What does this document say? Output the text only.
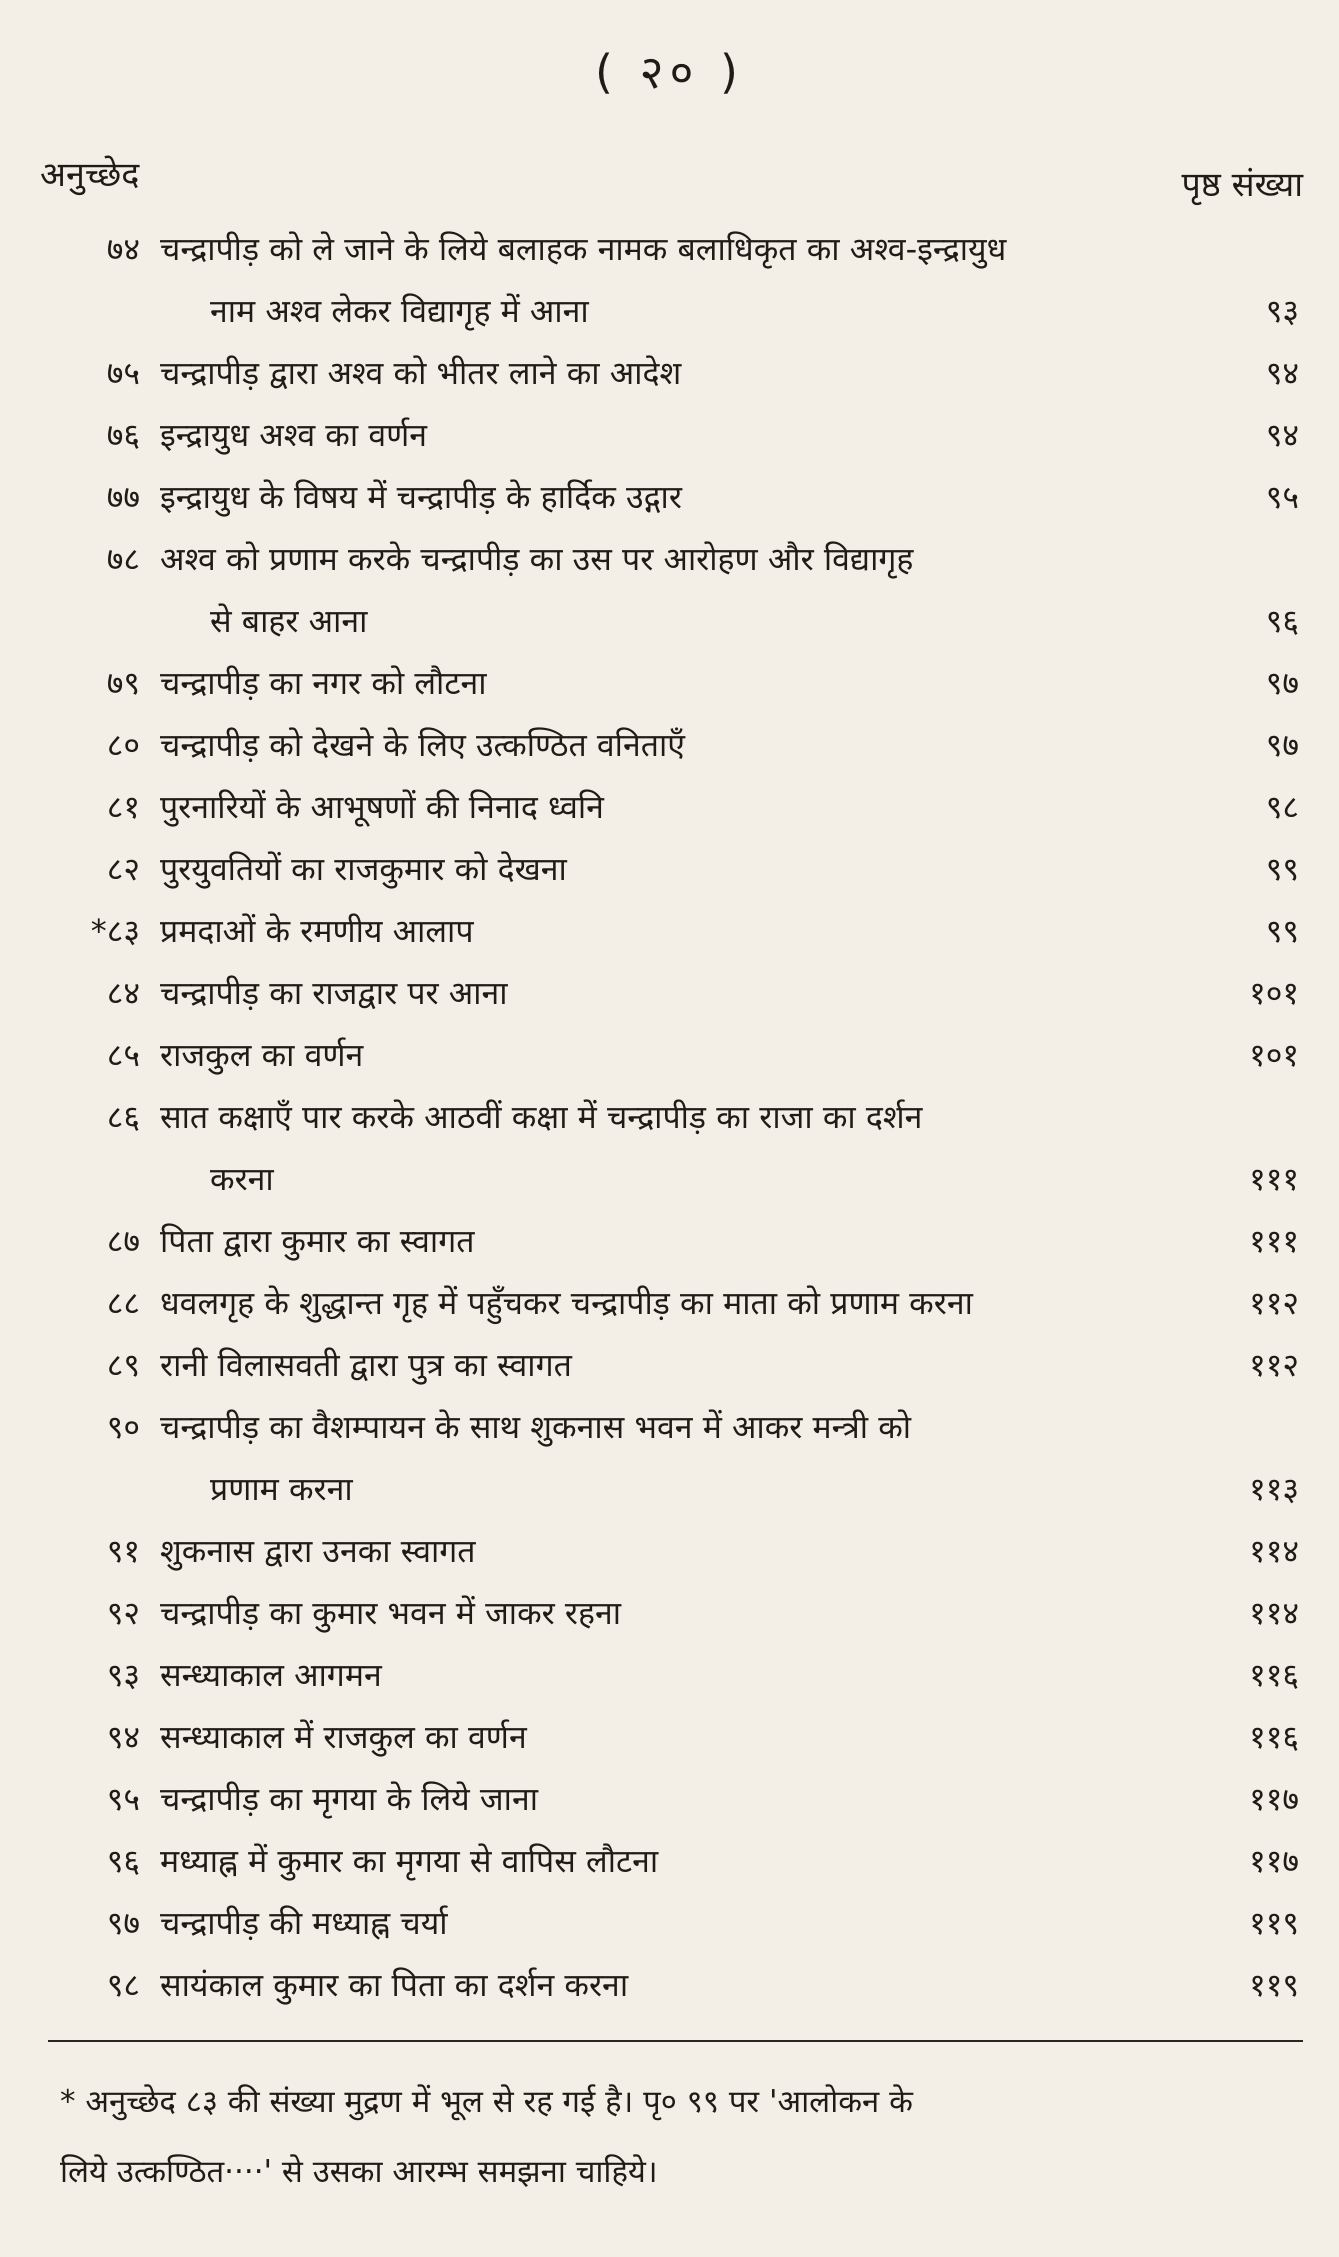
( २० )
अनुच्छेद	पृष्ठ संख्या
७४ चन्द्रापीड़ को ले जाने के लिये बलाहक नामक बलाधिकृत का अश्व-इन्द्रायुध
नाम अश्व लेकर विद्यागृह में आना	९३
७५ चन्द्रापीड़ द्वारा अश्व को भीतर लाने का आदेश	९४
७६ इन्द्रायुध अश्व का वर्णन	९४
७७ इन्द्रायुध के विषय में चन्द्रापीड़ के हार्दिक उद्गार	९५
७८ अश्व को प्रणाम करके चन्द्रापीड़ का उस पर आरोहण और विद्यागृह
से बाहर आना	९६
७९ चन्द्रापीड़ का नगर को लौटना	९७
८० चन्द्रापीड़ को देखने के लिए उत्कण्ठित वनिताएँ	९७
८१ पुरनारियों के आभूषणों की निनाद ध्वनि	९८
८२ पुरयुवतियों का राजकुमार को देखना	९९
*८३ प्रमदाओं के रमणीय आलाप	९९
८४ चन्द्रापीड़ का राजद्वार पर आना	१०१
८५ राजकुल का वर्णन	१०१
८६ सात कक्षाएँ पार करके आठवीं कक्षा में चन्द्रापीड़ का राजा का दर्शन
करना	१११
८७ पिता द्वारा कुमार का स्वागत	१११
८८ धवलगृह के शुद्धान्त गृह में पहुँचकर चन्द्रापीड़ का माता को प्रणाम करना	११२
८९ रानी विलासवती द्वारा पुत्र का स्वागत	११२
९० चन्द्रापीड़ का वैशम्पायन के साथ शुकनास भवन में आकर मन्त्री को
प्रणाम करना	११३
९१ शुकनास द्वारा उनका स्वागत	११४
९२ चन्द्रापीड़ का कुमार भवन में जाकर रहना	११४
९३ सन्ध्याकाल आगमन	११६
९४ सन्ध्याकाल में राजकुल का वर्णन	११६
९५ चन्द्रापीड़ का मृगया के लिये जाना	११७
९६ मध्याह्न में कुमार का मृगया से वापिस लौटना	११७
९७ चन्द्रापीड़ की मध्याह्न चर्या	११९
९८ सायंकाल कुमार का पिता का दर्शन करना	११९
* अनुच्छेद ८३ की संख्या मुद्रण में भूल से रह गई है। पृ० ९९ पर 'आलोकन के
लिये उत्कण्ठित····' से उसका आरम्भ समझना चाहिये।
